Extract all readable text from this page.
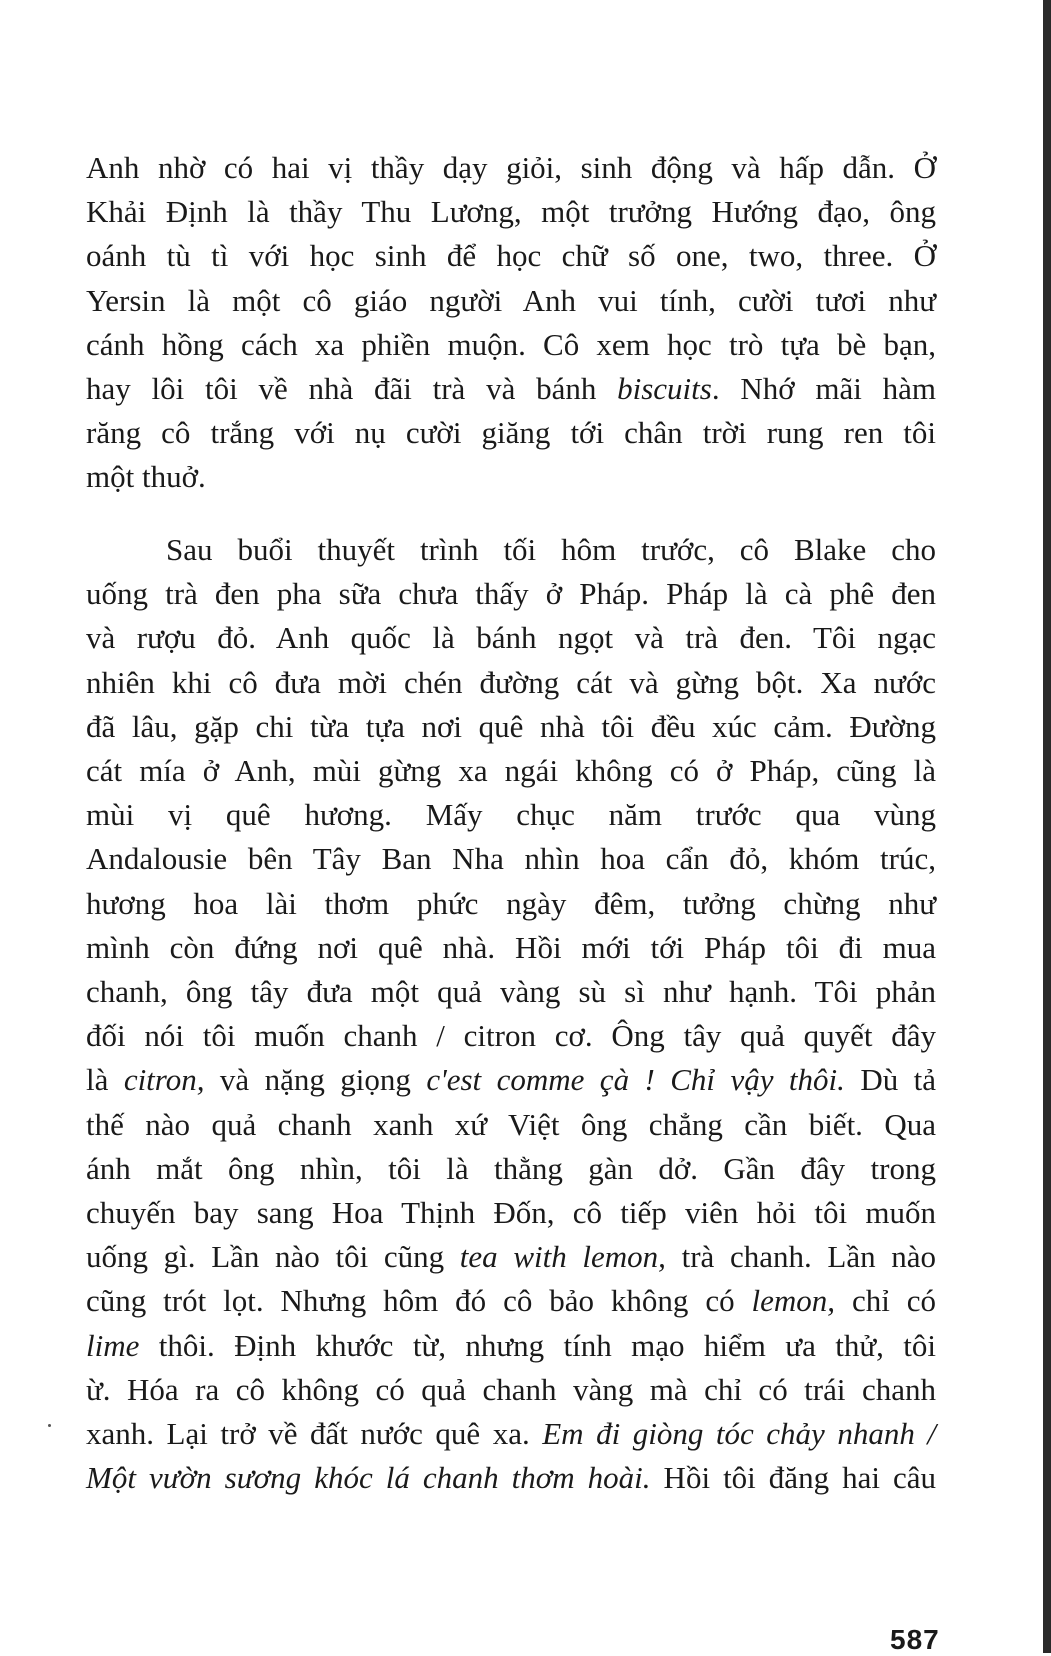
Anh nhờ có hai vị thầy dạy giỏi, sinh động và hấp dẫn. Ở
Khải Định là thầy Thu Lương, một trưởng Hướng đạo, ông
oánh tù tì với học sinh để học chữ số one, two, three. Ở
Yersin là một cô giáo người Anh vui tính, cười tươi như
cánh hồng cách xa phiền muộn. Cô xem học trò tựa bè bạn,
hay lôi tôi về nhà đãi trà và bánh biscuits. Nhớ mãi hàm
răng cô trắng với nụ cười giăng tới chân trời rung ren tôi
một thuở.
Sau buổi thuyết trình tối hôm trước, cô Blake cho
uống trà đen pha sữa chưa thấy ở Pháp. Pháp là cà phê đen
và rượu đỏ. Anh quốc là bánh ngọt và trà đen. Tôi ngạc
nhiên khi cô đưa mời chén đường cát và gừng bột. Xa nước
đã lâu, gặp chi từa tựa nơi quê nhà tôi đều xúc cảm. Đường
cát mía ở Anh, mùi gừng xa ngái không có ở Pháp, cũng là
mùi vị quê hương. Mấy chục năm trước qua vùng
Andalousie bên Tây Ban Nha nhìn hoa cẩn đỏ, khóm trúc,
hương hoa lài thơm phức ngày đêm, tưởng chừng như
mình còn đứng nơi quê nhà. Hồi mới tới Pháp tôi đi mua
chanh, ông tây đưa một quả vàng sù sì như hạnh. Tôi phản
đối nói tôi muốn chanh / citron cơ. Ông tây quả quyết đây
là citron, và nặng giọng c'est comme çà ! Chỉ vậy thôi. Dù tả
thế nào quả chanh xanh xứ Việt ông chẳng cần biết. Qua
ánh mắt ông nhìn, tôi là thằng gàn dở. Gần đây trong
chuyến bay sang Hoa Thịnh Đốn, cô tiếp viên hỏi tôi muốn
uống gì. Lần nào tôi cũng tea with lemon, trà chanh. Lần nào
cũng trót lọt. Nhưng hôm đó cô bảo không có lemon, chỉ có
lime thôi. Định khước từ, nhưng tính mạo hiểm ưa thử, tôi
ừ. Hóa ra cô không có quả chanh vàng mà chỉ có trái chanh
xanh. Lại trở về đất nước quê xa. Em đi giòng tóc chảy nhanh /
Một vườn sương khóc lá chanh thơm hoài. Hồi tôi đăng hai câu
587
